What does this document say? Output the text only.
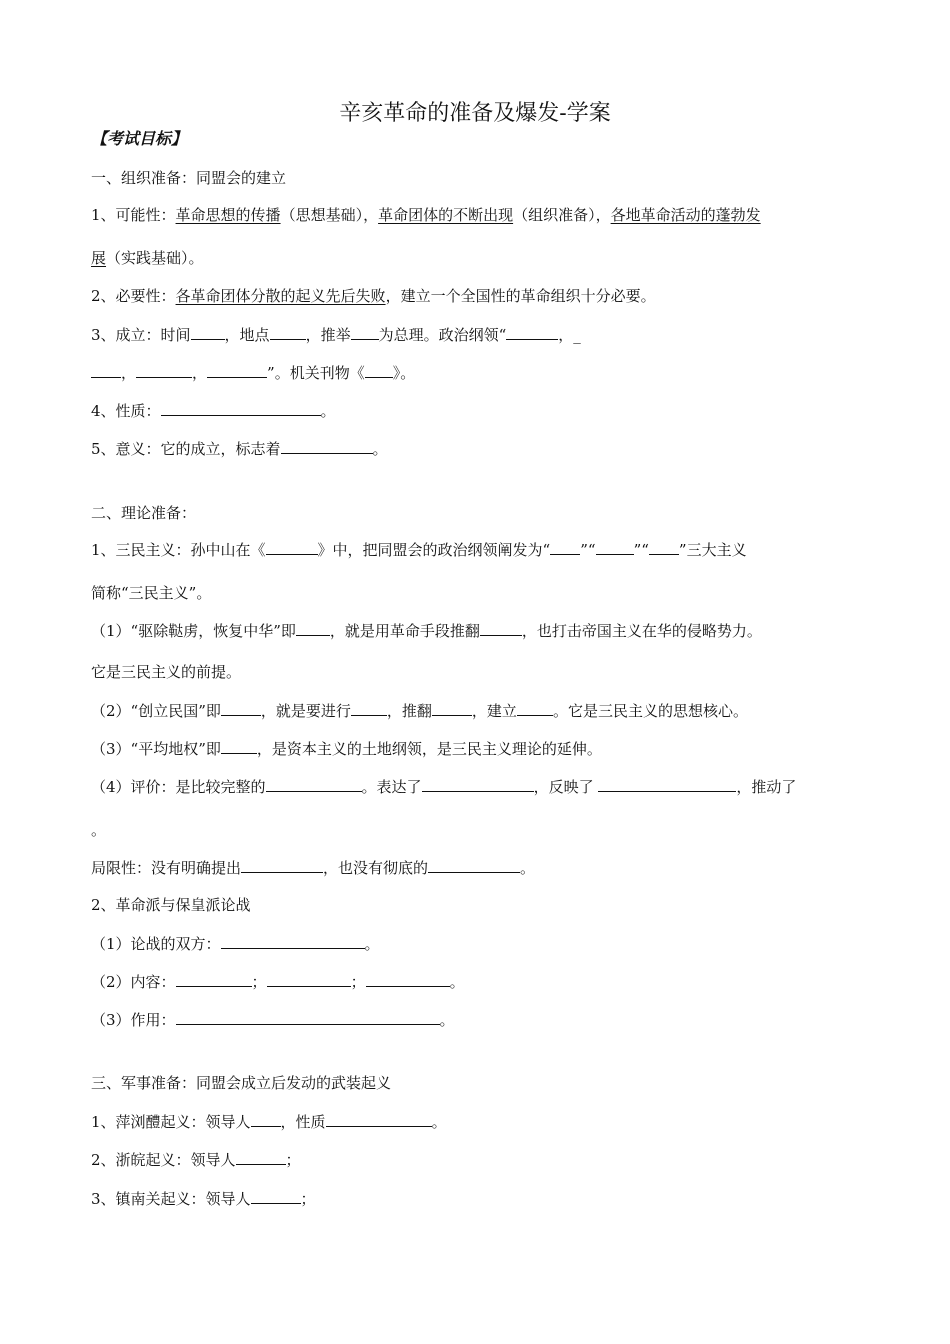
辛亥革命的准备及爆发-学案
【考试目标】
一、组织准备：同盟会的建立
1、可能性：革命思想的传播（思想基础），革命团体的不断出现（组织准备），各地革命活动的蓬勃发
展（实践基础）。
2、必要性：各革命团体分散的起义先后失败，建立一个全国性的革命组织十分必要。
3、成立：时间 ，地点 ，推举 为总理。政治纲领“	，_
，	，	”。机关刊物《 》。
4、性质：	。
5、意义：它的成立，标志着	。
二、理论准备：
1、三民主义：孙中山在《	》中，把同盟会的政治纲领阐发为“ ”“	”“ ”三大主义
简称“三民主义”。
（1）“驱除鞑虏，恢复中华”即 ，就是用革命手段推翻	，也打击帝国主义在华的侵略势力。
它是三民主义的前提。
（2）“创立民国”即	，就是要进行 ，推翻	，建立 。它是三民主义的思想核心。
（3）“平均地权”即 ，是资本主义的土地纲领，是三民主义理论的延伸。
（4）评价：是比较完整的	。表达了	，反映了	，推动了
。
局限性：没有明确提出	，也没有彻底的	。
2、革命派与保皇派论战
（1）论战的双方：	。
（2）内容：	；	；	。
（3）作用：	。
三、军事准备：同盟会成立后发动的武装起义
1、萍浏醴起义：领导人 ，性质	。
2、浙皖起义：领导人	；
3、镇南关起义：领导人	；
